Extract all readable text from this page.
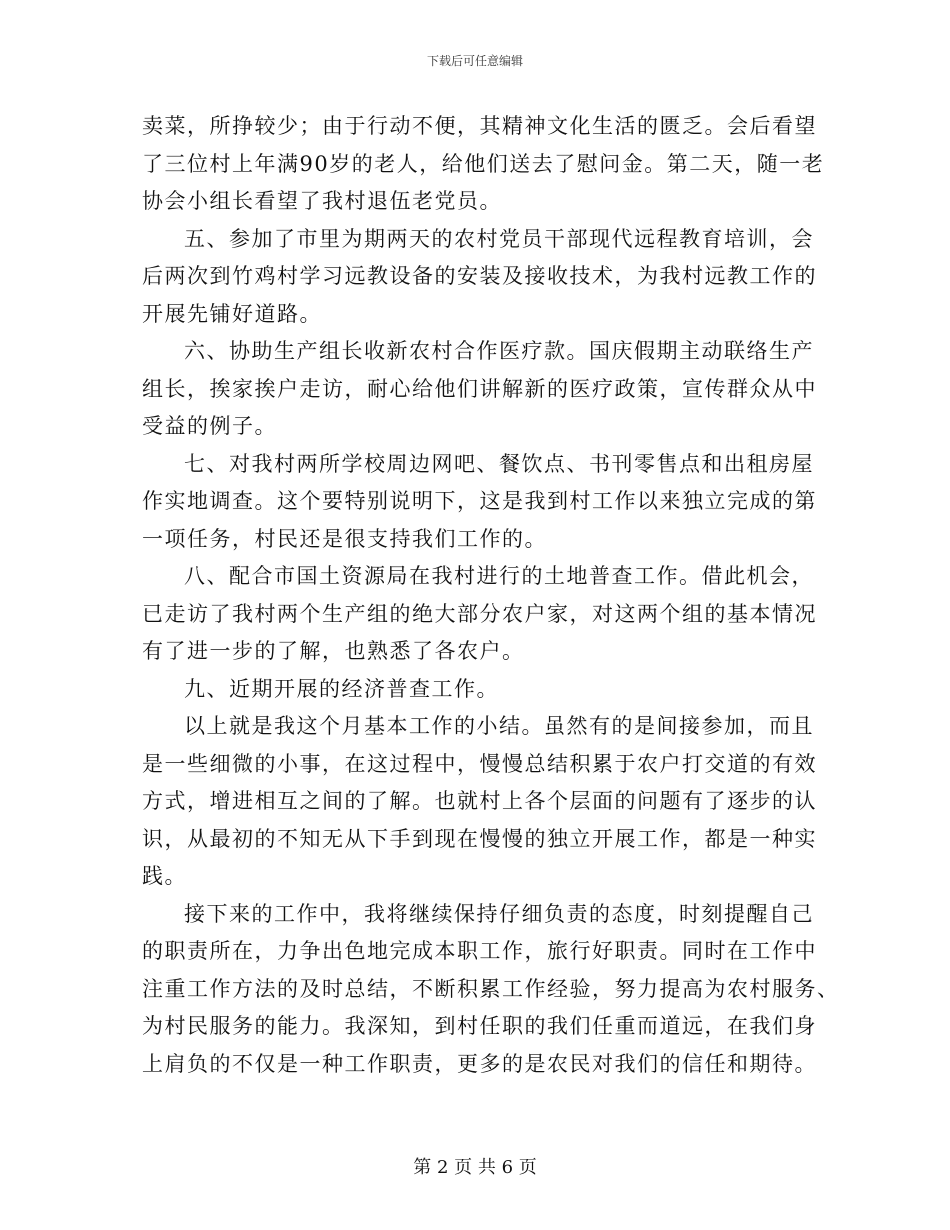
下载后可任意编辑
卖菜，所挣较少；由于行动不便，其精神文化生活的匮乏。会后看望
了三位村上年满90岁的老人，给他们送去了慰问金。第二天，随一老
协会小组长看望了我村退伍老党员。
五、参加了市里为期两天的农村党员干部现代远程教育培训，会
后两次到竹鸡村学习远教设备的安装及接收技术，为我村远教工作的
开展先铺好道路。
六、协助生产组长收新农村合作医疗款。国庆假期主动联络生产
组长，挨家挨户走访，耐心给他们讲解新的医疗政策，宣传群众从中
受益的例子。
七、对我村两所学校周边网吧、餐饮点、书刊零售点和出租房屋
作实地调查。这个要特别说明下，这是我到村工作以来独立完成的第
一项任务，村民还是很支持我们工作的。
八、配合市国土资源局在我村进行的土地普查工作。借此机会，
已走访了我村两个生产组的绝大部分农户家，对这两个组的基本情况
有了进一步的了解，也熟悉了各农户。
九、近期开展的经济普查工作。
以上就是我这个月基本工作的小结。虽然有的是间接参加，而且
是一些细微的小事，在这过程中，慢慢总结积累于农户打交道的有效
方式，增进相互之间的了解。也就村上各个层面的问题有了逐步的认
识，从最初的不知无从下手到现在慢慢的独立开展工作，都是一种实
践。
接下来的工作中，我将继续保持仔细负责的态度，时刻提醒自己
的职责所在，力争出色地完成本职工作，旅行好职责。同时在工作中
注重工作方法的及时总结，不断积累工作经验，努力提高为农村服务、
为村民服务的能力。我深知，到村任职的我们任重而道远，在我们身
上肩负的不仅是一种工作职责，更多的是农民对我们的信任和期待。
第 2 页 共 6 页
